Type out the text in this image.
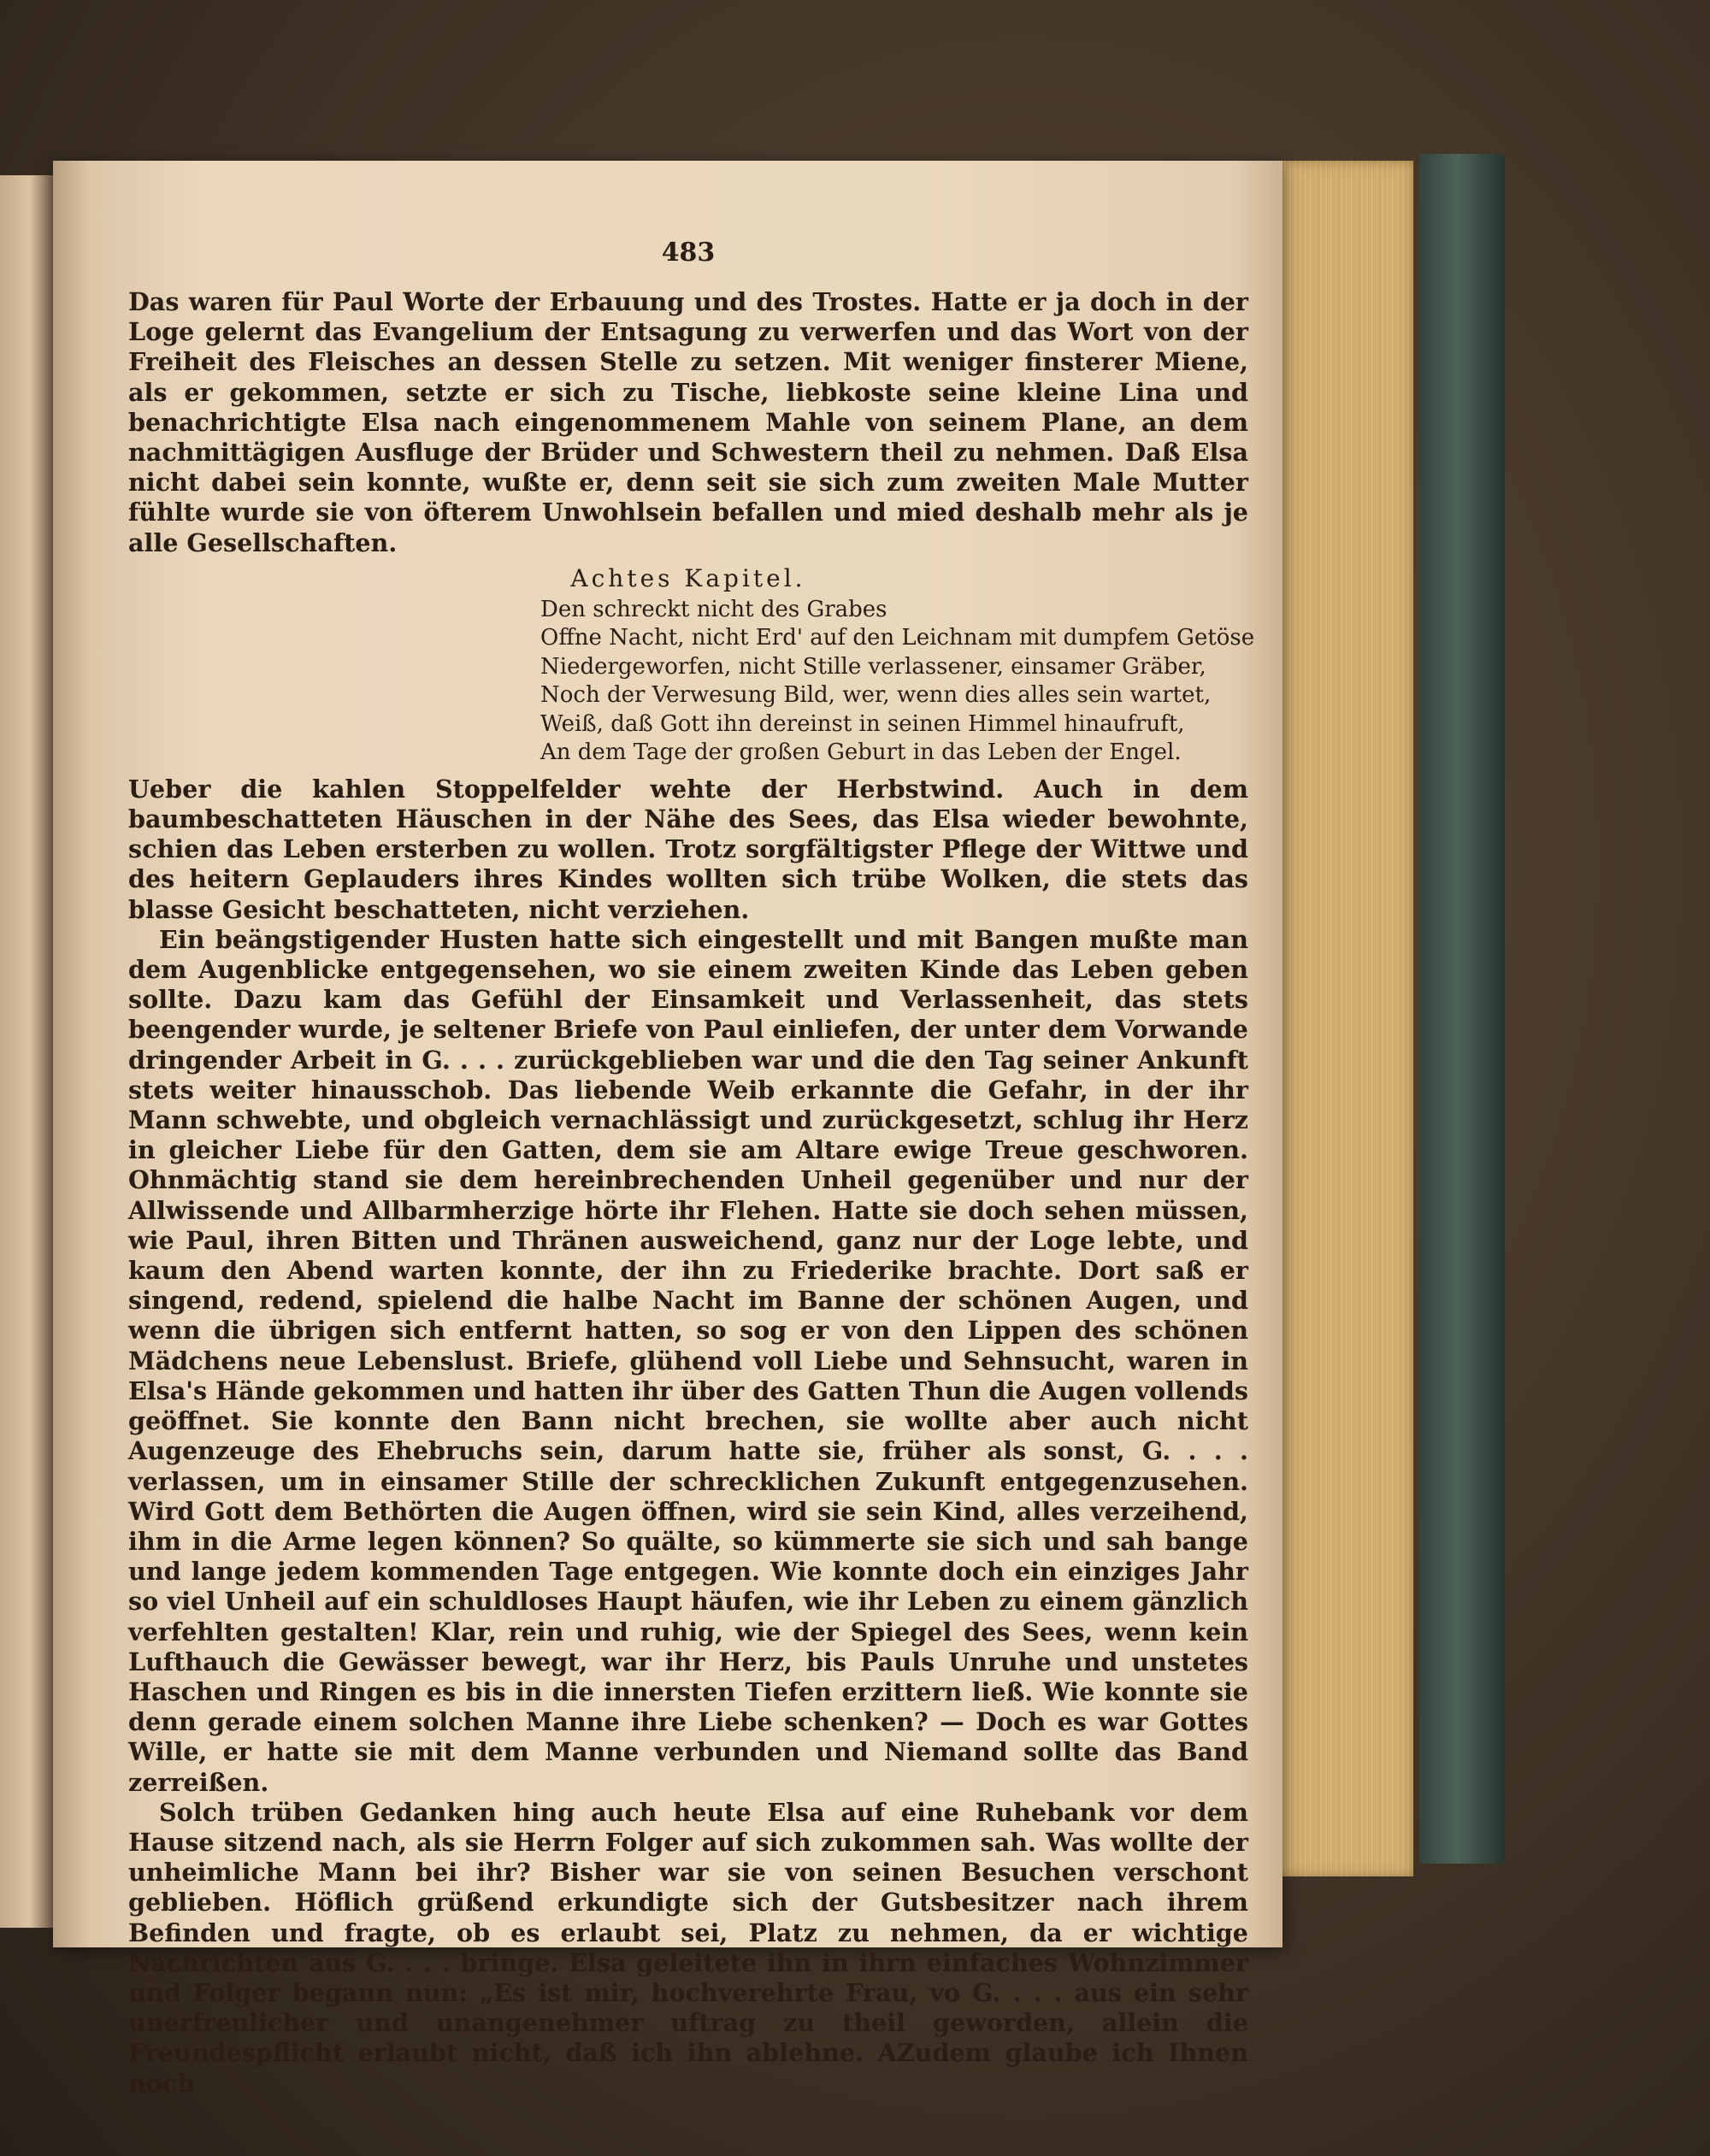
483

Das waren für Paul Worte der Erbauung und des Trostes. Hatte er ja doch in der Loge gelernt das Evangelium der Entsagung zu verwerfen und das Wort von der Freiheit des Fleisches an dessen Stelle zu setzen. Mit weniger finsterer Miene, als er gekommen, setzte er sich zu Tische, liebkoste seine kleine Lina und benachrichtigte Elsa nach eingenommenem Mahle von seinem Plane, an dem nachmittägigen Ausfluge der Brüder und Schwestern theil zu nehmen. Daß Elsa nicht dabei sein konnte, wußte er, denn seit sie sich zum zweiten Male Mutter fühlte wurde sie von öfterem Unwohlsein befallen und mied deshalb mehr als je alle Gesellschaften.

Achtes Kapitel.
Den schreckt nicht des Grabes
Offne Nacht, nicht Erd' auf den Leichnam mit dumpfem Getöse
Niedergeworfen, nicht Stille verlassener, einsamer Gräber,
Noch der Verwesung Bild, wer, wenn dies alles sein wartet,
Weiß, daß Gott ihn dereinst in seinen Himmel hinaufruft,
An dem Tage der großen Geburt in das Leben der Engel.

Ueber die kahlen Stoppelfelder wehte der Herbstwind. Auch in dem baumbeschatteten Häuschen in der Nähe des Sees, das Elsa wieder bewohnte, schien das Leben ersterben zu wollen. Trotz sorgfältigster Pflege der Wittwe und des heitern Geplauders ihres Kindes wollten sich trübe Wolken, die stets das blasse Gesicht beschatteten, nicht verziehen.

Ein beängstigender Husten hatte sich eingestellt und mit Bangen mußte man dem Augenblicke entgegensehen, wo sie einem zweiten Kinde das Leben geben sollte. Dazu kam das Gefühl der Einsamkeit und Verlassenheit, das stets beengender wurde, je seltener Briefe von Paul einliefen, der unter dem Vorwande dringender Arbeit in G. . . . zurückgeblieben war und die den Tag seiner Ankunft stets weiter hinausschob. Das liebende Weib erkannte die Gefahr, in der ihr Mann schwebte, und obgleich vernachlässigt und zurückgesetzt, schlug ihr Herz in gleicher Liebe für den Gatten, dem sie am Altare ewige Treue geschworen. Ohnmächtig stand sie dem hereinbrechenden Unheil gegenüber und nur der Allwissende und Allbarmherzige hörte ihr Flehen. Hatte sie doch sehen müssen, wie Paul, ihren Bitten und Thränen ausweichend, ganz nur der Loge lebte, und kaum den Abend warten konnte, der ihn zu Friederike brachte. Dort saß er singend, redend, spielend die halbe Nacht im Banne der schönen Augen, und wenn die übrigen sich entfernt hatten, so sog er von den Lippen des schönen Mädchens neue Lebenslust. Briefe, glühend voll Liebe und Sehnsucht, waren in Elsa's Hände gekommen und hatten ihr über des Gatten Thun die Augen vollends geöffnet. Sie konnte den Bann nicht brechen, sie wollte aber auch nicht Augenzeuge des Ehebruchs sein, darum hatte sie, früher als sonst, G. . . . verlassen, um in einsamer Stille der schrecklichen Zukunft entgegenzusehen. Wird Gott dem Bethörten die Augen öffnen, wird sie sein Kind, alles verzeihend, ihm in die Arme legen können? So quälte, so kümmerte sie sich und sah bange und lange jedem kommenden Tage entgegen. Wie konnte doch ein einziges Jahr so viel Unheil auf ein schuldloses Haupt häufen, wie ihr Leben zu einem gänzlich verfehlten gestalten! Klar, rein und ruhig, wie der Spiegel des Sees, wenn kein Lufthauch die Gewässer bewegt, war ihr Herz, bis Pauls Unruhe und unstetes Haschen und Ringen es bis in die innersten Tiefen erzittern ließ. Wie konnte sie denn gerade einem solchen Manne ihre Liebe schenken? — Doch es war Gottes Wille, er hatte sie mit dem Manne verbunden und Niemand sollte das Band zerreißen.

Solch trüben Gedanken hing auch heute Elsa auf eine Ruhebank vor dem Hause sitzend nach, als sie Herrn Folger auf sich zukommen sah. Was wollte der unheimliche Mann bei ihr? Bisher war sie von seinen Besuchen verschont geblieben. Höflich grüßend erkundigte sich der Gutsbesitzer nach ihrem Befinden und fragte, ob es erlaubt sei, Platz zu nehmen, da er wichtige Nachrichten aus G. . . . bringe. Elsa geleitete ihn in ihrn einfaches Wohnzimmer und Folger begann nun: „Es ist mir, hochverehrte Frau, vo G. . . . aus ein sehr unerfreulicher und unangenehmer uftrag zu theil geworden, allein die Freundespflicht erlaubt nicht, daß ich ihn ablehne. AZudem glaube ich Ihnen noch
